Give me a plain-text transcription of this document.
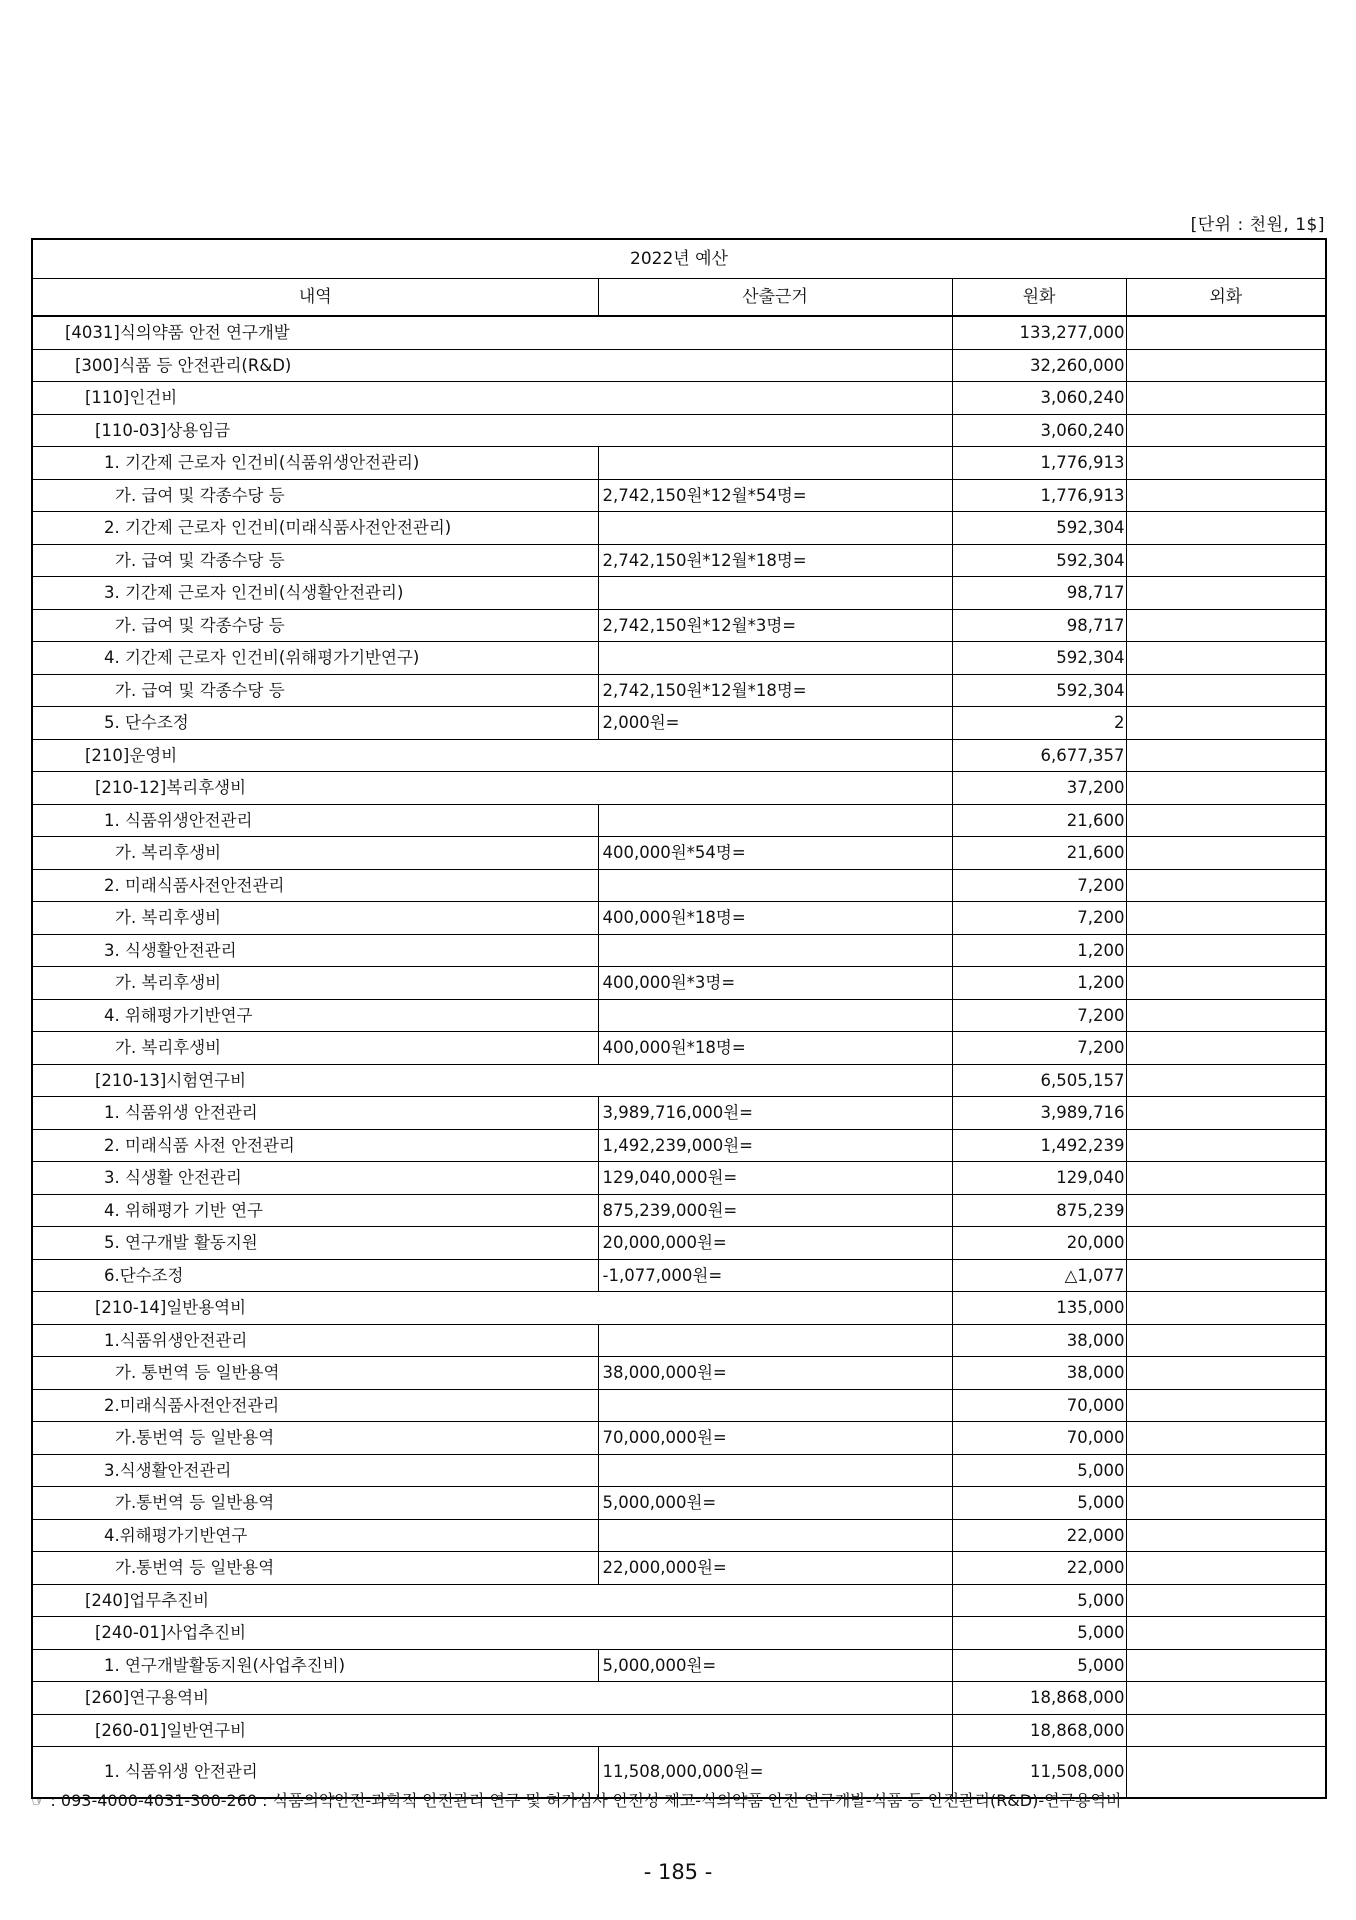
[단위 : 천원, 1$]
2022년 예산			
내역	산출근거	원화	외화
[4031]식의약품 안전 연구개발		133,277,000	
[300]식품 등 안전관리(R&D)		32,260,000	
[110]인건비		3,060,240	
[110-03]상용임금		3,060,240	
1. 기간제 근로자 인건비(식품위생안전관리)		1,776,913	
가. 급여 및 각종수당 등	2,742,150원*12월*54명=	1,776,913	
2. 기간제 근로자 인건비(미래식품사전안전관리)		592,304	
가. 급여 및 각종수당 등	2,742,150원*12월*18명=	592,304	
3. 기간제 근로자 인건비(식생활안전관리)		98,717	
가. 급여 및 각종수당 등	2,742,150원*12월*3명=	98,717	
4. 기간제 근로자 인건비(위해평가기반연구)		592,304	
가. 급여 및 각종수당 등	2,742,150원*12월*18명=	592,304	
5. 단수조정	2,000원=	2	
[210]운영비		6,677,357	
[210-12]복리후생비		37,200	
1. 식품위생안전관리		21,600	
가. 복리후생비	400,000원*54명=	21,600	
2. 미래식품사전안전관리		7,200	
가. 복리후생비	400,000원*18명=	7,200	
3. 식생활안전관리		1,200	
가. 복리후생비	400,000원*3명=	1,200	
4. 위해평가기반연구		7,200	
가. 복리후생비	400,000원*18명=	7,200	
[210-13]시험연구비		6,505,157	
1. 식품위생 안전관리	3,989,716,000원=	3,989,716	
2. 미래식품 사전 안전관리	1,492,239,000원=	1,492,239	
3. 식생활 안전관리	129,040,000원=	129,040	
4. 위해평가 기반 연구	875,239,000원=	875,239	
5. 연구개발 활동지원	20,000,000원=	20,000	
6.단수조정	-1,077,000원=	△1,077	
[210-14]일반용역비		135,000	
1.식품위생안전관리		38,000	
가. 통번역 등 일반용역	38,000,000원=	38,000	
2.미래식품사전안전관리		70,000	
가.통번역 등 일반용역	70,000,000원=	70,000	
3.식생활안전관리		5,000	
가.통번역 등 일반용역	5,000,000원=	5,000	
4.위해평가기반연구		22,000	
가.통번역 등 일반용역	22,000,000원=	22,000	
[240]업무추진비		5,000	
[240-01]사업추진비		5,000	
1. 연구개발활동지원(사업추진비)	5,000,000원=	5,000	
[260]연구용역비		18,868,000	
[260-01]일반연구비		18,868,000	
1. 식품위생 안전관리	11,508,000,000원=	11,508,000	
☞ : 093-4000-4031-300-260 : 식품의약안전-과학적 안전관리 연구 및 허가심사 안전성 제고-식의약품 안전 연구개발-식품 등 안전관리(R&D)-연구용역비
- 185 -
